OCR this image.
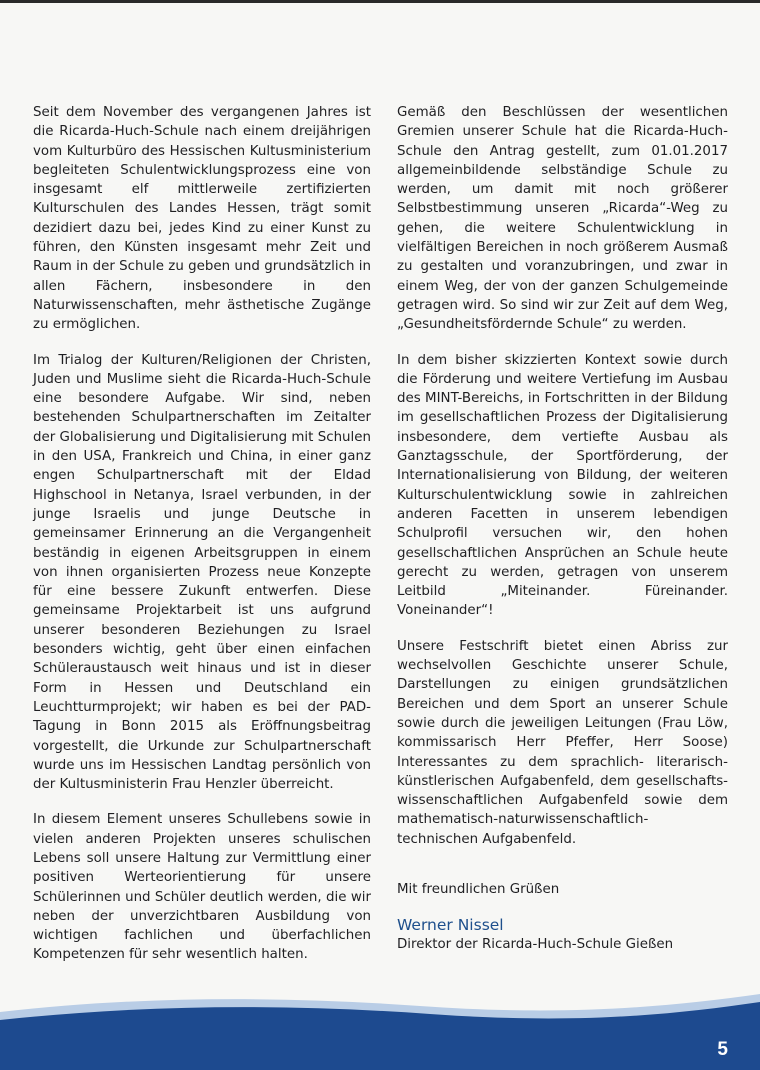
Seit dem November des vergangenen Jahres ist die Ricarda-Huch-Schule nach einem dreijährigen vom Kulturbüro des Hessischen Kultusministerium begleiteten Schulentwicklungsprozess eine von insgesamt elf mittlerweile zertifizierten Kulturschulen des Landes Hessen, trägt somit dezidiert dazu bei, jedes Kind zu einer Kunst zu führen, den Künsten insgesamt mehr Zeit und Raum in der Schule zu geben und grundsätzlich in allen Fächern, insbesondere in den Naturwissenschaften, mehr ästhetische Zugänge zu ermöglichen.

Im Trialog der Kulturen/Religionen der Christen, Juden und Muslime sieht die Ricarda-Huch-Schule eine besondere Aufgabe. Wir sind, neben bestehenden Schulpartnerschaften im Zeitalter der Globalisierung und Digitalisierung mit Schulen in den USA, Frankreich und China, in einer ganz engen Schulpartnerschaft mit der Eldad Highschool in Netanya, Israel verbunden, in der junge Israelis und junge Deutsche in gemeinsamer Erinnerung an die Vergangenheit beständig in eigenen Arbeitsgruppen in einem von ihnen organisierten Prozess neue Konzepte für eine bessere Zukunft entwerfen. Diese gemeinsame Projektarbeit ist uns aufgrund unserer besonderen Beziehungen zu Israel besonders wichtig, geht über einen einfachen Schüleraustausch weit hinaus und ist in dieser Form in Hessen und Deutschland ein Leuchtturmprojekt; wir haben es bei der PAD-Tagung in Bonn 2015 als Eröffnungsbeitrag vorgestellt, die Urkunde zur Schulpartnerschaft wurde uns im Hessischen Landtag persönlich von der Kultusministerin Frau Henzler überreicht.

In diesem Element unseres Schullebens sowie in vielen anderen Projekten unseres schulischen Lebens soll unsere Haltung zur Vermittlung einer positiven Werteorientierung für unsere Schülerinnen und Schüler deutlich werden, die wir neben der unverzichtbaren Ausbildung von wichtigen fachlichen und überfachlichen Kompetenzen für sehr wesentlich halten.

Gemäß den Beschlüssen der wesentlichen Gremien unserer Schule hat die Ricarda-Huch-Schule den Antrag gestellt, zum 01.01.2017 allgemeinbildende selbständige Schule zu werden, um damit mit noch größerer Selbstbestimmung unseren „Ricarda“-Weg zu gehen, die weitere Schulentwicklung in vielfältigen Bereichen in noch größerem Ausmaß zu gestalten und voranzubringen, und zwar in einem Weg, der von der ganzen Schulgemeinde getragen wird. So sind wir zur Zeit auf dem Weg, „Gesundheitsfördernde Schule“ zu werden.

In dem bisher skizzierten Kontext sowie durch die Förderung und weitere Vertiefung im Ausbau des MINT-Bereichs, in Fortschritten in der Bildung im gesellschaftlichen Prozess der Digitalisierung insbesondere, dem vertiefte Ausbau als Ganztagsschule, der Sportförderung, der Internationalisierung von Bildung, der weiteren Kulturschulentwicklung sowie in zahlreichen anderen Facetten in unserem lebendigen Schulprofil versuchen wir, den hohen gesellschaftlichen Ansprüchen an Schule heute gerecht zu werden, getragen von unserem Leitbild „Miteinander. Füreinander. Voneinander“!

Unsere Festschrift bietet einen Abriss zur wechselvollen Geschichte unserer Schule, Darstellungen zu einigen grundsätzlichen Bereichen und dem Sport an unserer Schule sowie durch die jeweiligen Leitungen (Frau Löw, kommissarisch Herr Pfeffer, Herr Soose) Interessantes zu dem sprachlich- literarisch-künstlerischen Aufgabenfeld, dem gesellschafts-wissenschaftlichen Aufgabenfeld sowie dem mathematisch-naturwissenschaftlich- technischen Aufgabenfeld.

Mit freundlichen Grüßen

Werner Nissel

Direktor der Ricarda-Huch-Schule Gießen

5
